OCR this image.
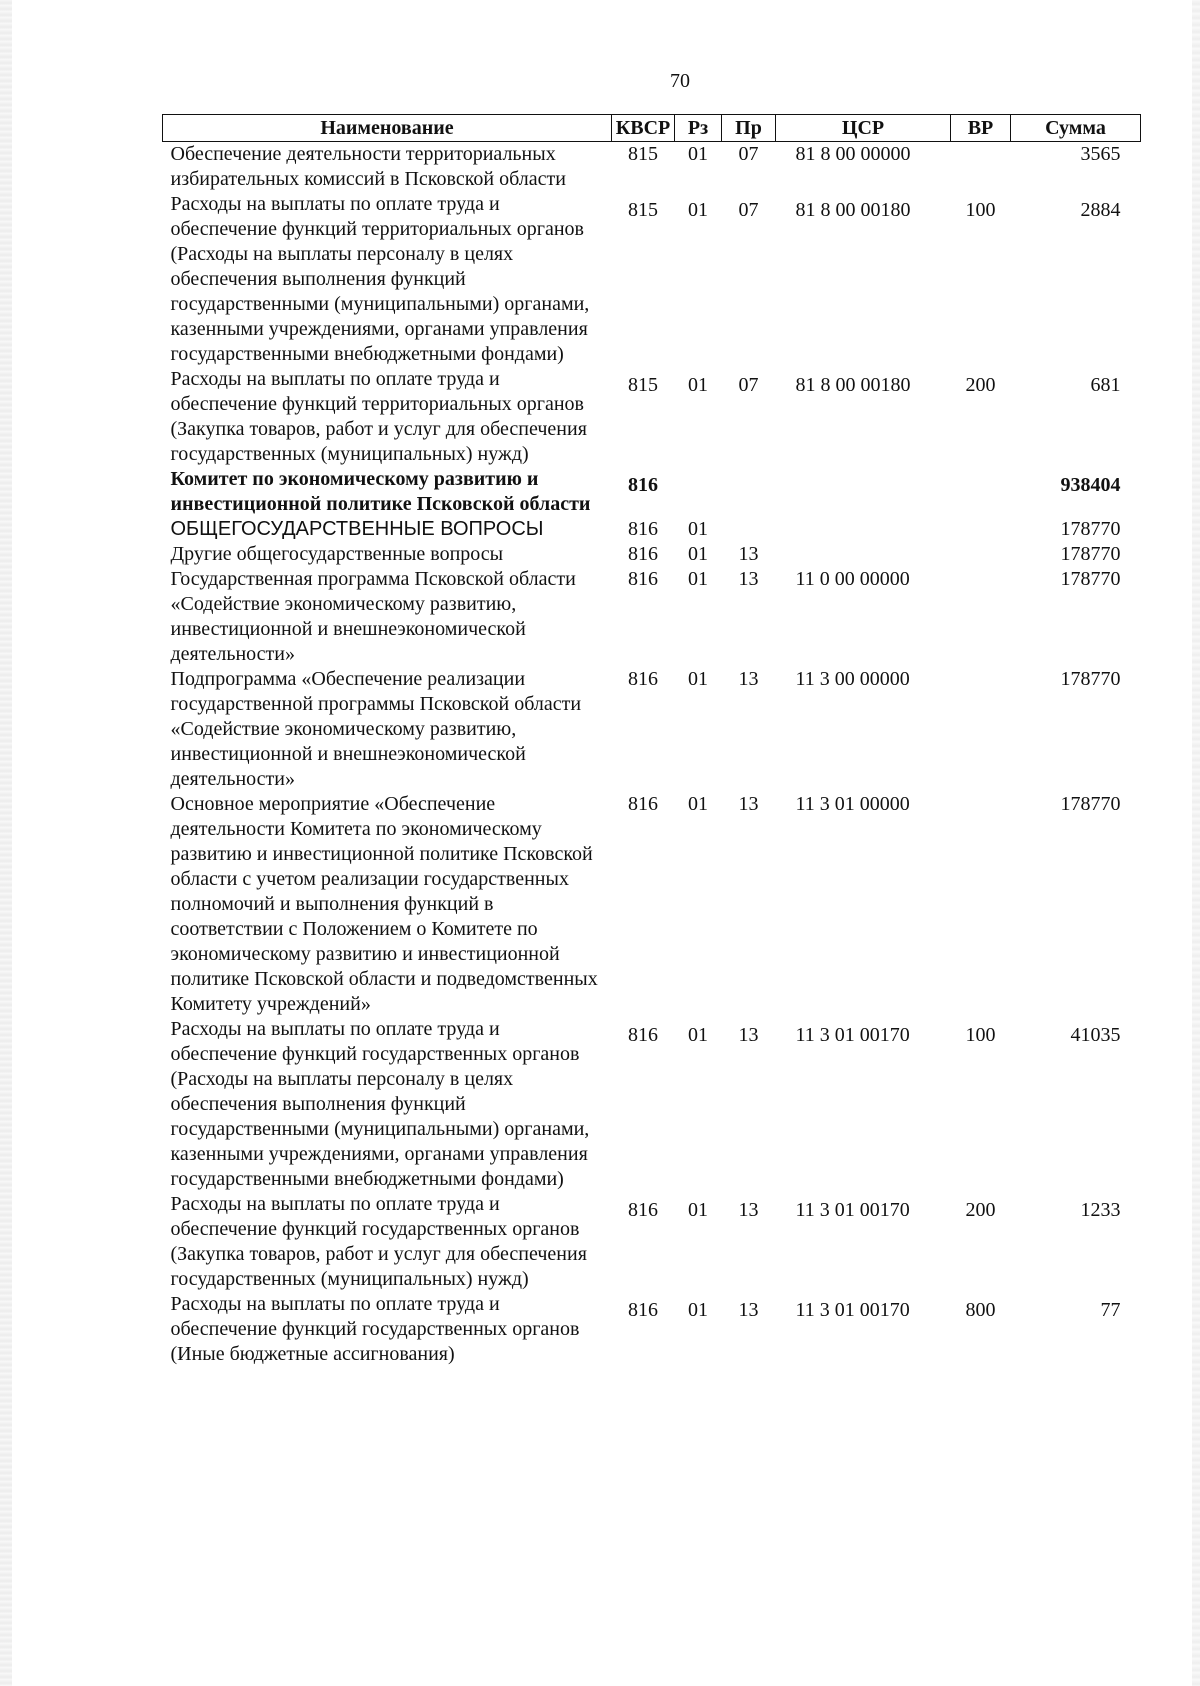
70
Наименование	КВСР	Рз	Пр	ЦСР	ВР	Сумма
Обеспечение деятельности территориальных избирательных комиссий в Псковской области	815	01	07	81 8 00 00000		3565
Расходы на выплаты по оплате труда и обеспечение функций территориальных органов (Расходы на выплаты персоналу в целях обеспечения выполнения функций государственными (муниципальными) органами, казенными учреждениями, органами управления государственными внебюджетными фондами)	815	01	07	81 8 00 00180	100	2884
Расходы на выплаты по оплате труда и обеспечение функций территориальных органов (Закупка товаров, работ и услуг для обеспечения государственных (муниципальных) нужд)	815	01	07	81 8 00 00180	200	681
Комитет по экономическому развитию и инвестиционной политике Псковской области	816					938404
ОБЩЕГОСУДАРСТВЕННЫЕ ВОПРОСЫ	816	01				178770
Другие общегосударственные вопросы	816	01	13			178770
Государственная программа Псковской области «Содействие экономическому развитию, инвестиционной и внешнеэкономической деятельности»	816	01	13	11 0 00 00000		178770
Подпрограмма «Обеспечение реализации государственной программы Псковской области «Содействие экономическому развитию, инвестиционной и внешнеэкономической деятельности»	816	01	13	11 3 00 00000		178770
Основное мероприятие «Обеспечение деятельности Комитета по экономическому развитию и инвестиционной политике Псковской области с учетом реализации государственных полномочий и выполнения функций в соответствии с Положением о Комитете по экономическому развитию и инвестиционной политике Псковской области и подведомственных Комитету учреждений»	816	01	13	11 3 01 00000		178770
Расходы на выплаты по оплате труда и обеспечение функций государственных органов (Расходы на выплаты персоналу в целях обеспечения выполнения функций государственными (муниципальными) органами, казенными учреждениями, органами управления государственными внебюджетными фондами)	816	01	13	11 3 01 00170	100	41035
Расходы на выплаты по оплате труда и обеспечение функций государственных органов (Закупка товаров, работ и услуг для обеспечения государственных (муниципальных) нужд)	816	01	13	11 3 01 00170	200	1233
Расходы на выплаты по оплате труда и обеспечение функций государственных органов (Иные бюджетные ассигнования)	816	01	13	11 3 01 00170	800	77
